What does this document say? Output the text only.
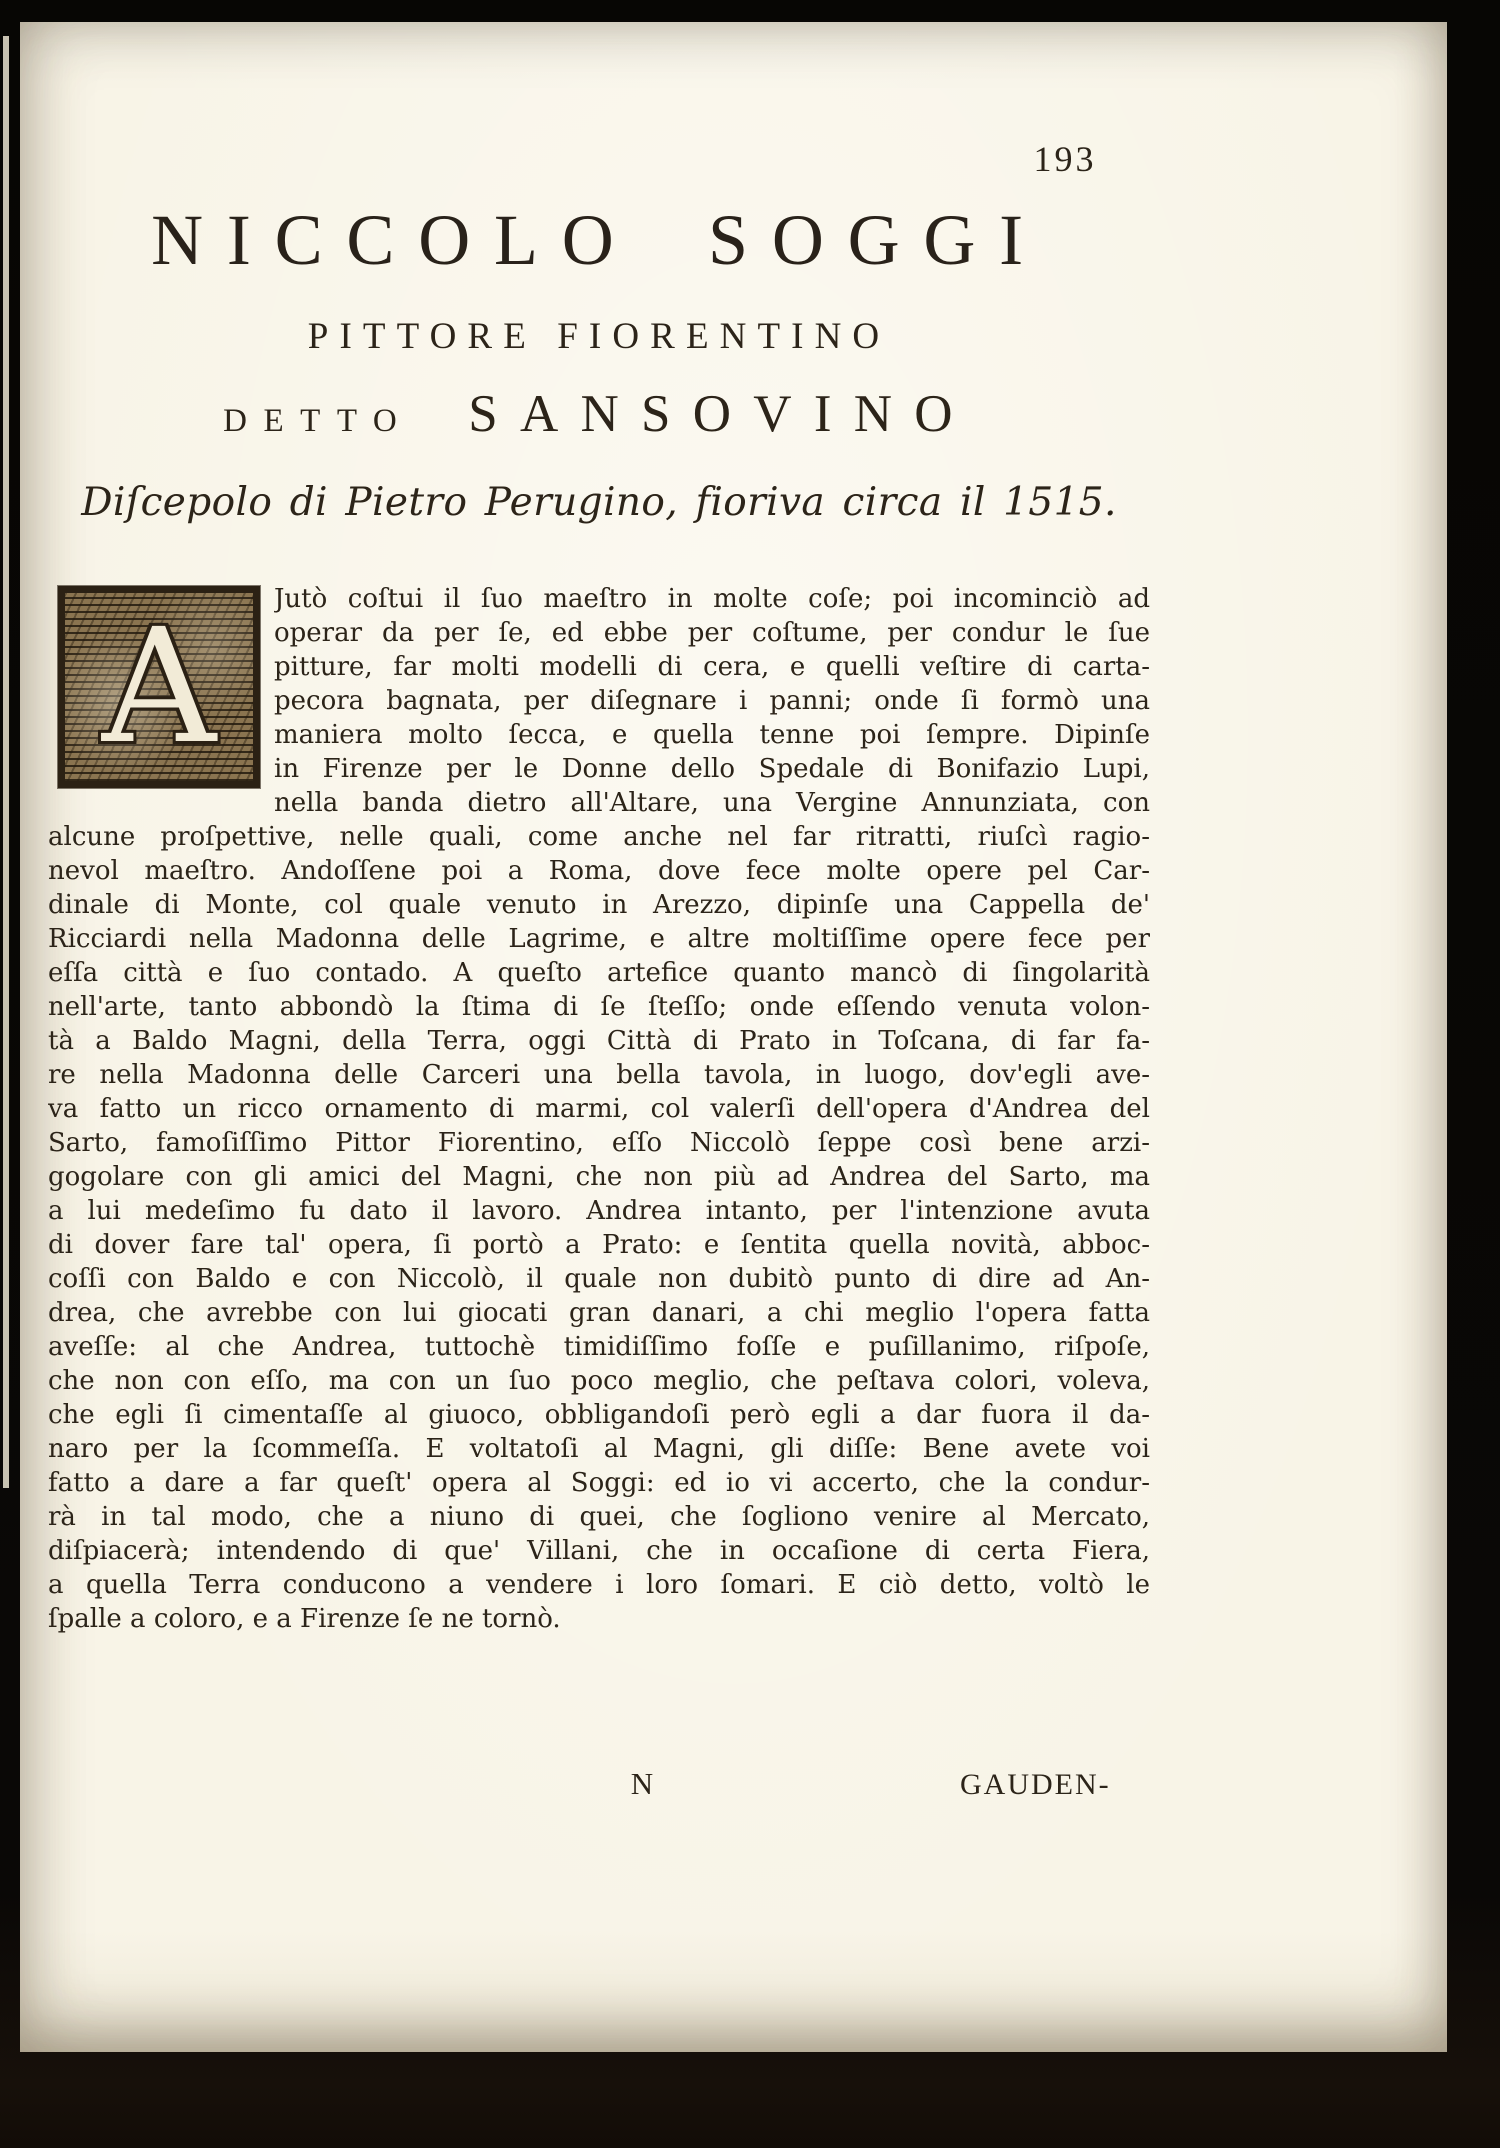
193
NICCOLO SOGGI
PITTORE FIORENTINO
DETTO SANSOVINO
Diſcepolo di Pietro Perugino, fioriva circa il 1515.
A Jutò coſtui il ſuo maeſtro in molte coſe; poi incominciò ad
operar da per ſe, ed ebbe per coſtume, per condur le ſue
pitture, far molti modelli di cera, e quelli veſtire di carta-
pecora bagnata, per diſegnare i panni; onde ſi formò una
maniera molto ſecca, e quella tenne poi ſempre. Dipinſe
in Firenze per le Donne dello Spedale di Bonifazio Lupi,
nella banda dietro all'Altare, una Vergine Annunziata, con
alcune proſpettive, nelle quali, come anche nel far ritratti, riuſcì ragio-
nevol maeſtro. Andoſſene poi a Roma, dove fece molte opere pel Car-
dinale di Monte, col quale venuto in Arezzo, dipinſe una Cappella de'
Ricciardi nella Madonna delle Lagrime, e altre moltiſſime opere fece per
eſſa città e ſuo contado. A queſto artefice quanto mancò di ſingolarità
nell'arte, tanto abbondò la ſtima di ſe ſteſſo; onde eſſendo venuta volon-
tà a Baldo Magni, della Terra, oggi Città di Prato in Toſcana, di far fa-
re nella Madonna delle Carceri una bella tavola, in luogo, dov'egli ave-
va fatto un ricco ornamento di marmi, col valerſi dell'opera d'Andrea del
Sarto, famoſiſſimo Pittor Fiorentino, eſſo Niccolò ſeppe così bene arzi-
gogolare con gli amici del Magni, che non più ad Andrea del Sarto, ma
a lui medeſimo fu dato il lavoro. Andrea intanto, per l'intenzione avuta
di dover fare tal' opera, ſi portò a Prato: e ſentita quella novità, abboc-
coſſi con Baldo e con Niccolò, il quale non dubitò punto di dire ad An-
drea, che avrebbe con lui giocati gran danari, a chi meglio l'opera fatta
aveſſe: al che Andrea, tuttochè timidiſſimo foſſe e puſillanimo, riſpoſe,
che non con eſſo, ma con un ſuo poco meglio, che peſtava colori, voleva,
che egli ſi cimentaſſe al giuoco, obbligandoſi però egli a dar fuora il da-
naro per la ſcommeſſa. E voltatoſi al Magni, gli diſſe: Bene avete voi
fatto a dare a far queſt' opera al Soggi: ed io vi accerto, che la condur-
rà in tal modo, che a niuno di quei, che ſogliono venire al Mercato,
diſpiacerà; intendendo di que' Villani, che in occaſione di certa Fiera,
a quella Terra conducono a vendere i loro ſomari. E ciò detto, voltò le
ſpalle a coloro, e a Firenze ſe ne tornò.
N	GAUDEN-
